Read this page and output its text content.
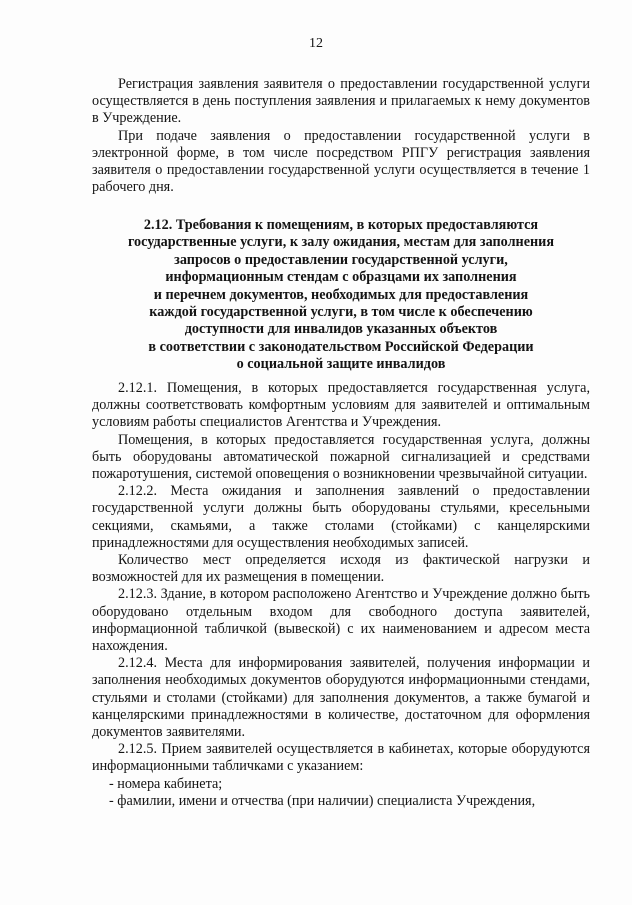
12

Регистрация заявления заявителя о предоставлении государственной услуги осуществляется в день поступления заявления и прилагаемых к нему документов в Учреждение.

При подаче заявления о предоставлении государственной услуги в электронной форме, в том числе посредством РПГУ регистрация заявления заявителя о предоставлении государственной услуги осуществляется в течение 1 рабочего дня.

2.12. Требования к помещениям, в которых предоставляются
государственные услуги, к залу ожидания, местам для заполнения
запросов о предоставлении государственной услуги,
информационным стендам с образцами их заполнения
и перечнем документов, необходимых для предоставления
каждой государственной услуги, в том числе к обеспечению
доступности для инвалидов указанных объектов
в соответствии с законодательством Российской Федерации
о социальной защите инвалидов

2.12.1. Помещения, в которых предоставляется государственная услуга, должны соответствовать комфортным условиям для заявителей и оптимальным условиям работы специалистов Агентства и Учреждения.

Помещения, в которых предоставляется государственная услуга, должны быть оборудованы автоматической пожарной сигнализацией и средствами пожаротушения, системой оповещения о возникновении чрезвычайной ситуации.

2.12.2. Места ожидания и заполнения заявлений о предоставлении государственной услуги должны быть оборудованы стульями, кресельными секциями, скамьями, а также столами (стойками) с канцелярскими принадлежностями для осуществления необходимых записей.

Количество мест определяется исходя из фактической нагрузки и возможностей для их размещения в помещении.

2.12.3. Здание, в котором расположено Агентство и Учреждение должно быть оборудовано отдельным входом для свободного доступа заявителей, информационной табличкой (вывеской) с их наименованием и адресом места нахождения.

2.12.4. Места для информирования заявителей, получения информации и заполнения необходимых документов оборудуются информационными стендами, стульями и столами (стойками) для заполнения документов, а также бумагой и канцелярскими принадлежностями в количестве, достаточном для оформления документов заявителями.

2.12.5. Прием заявителей осуществляется в кабинетах, которые оборудуются информационными табличками с указанием:

- номера кабинета;

- фамилии, имени и отчества (при наличии) специалиста Учреждения,
